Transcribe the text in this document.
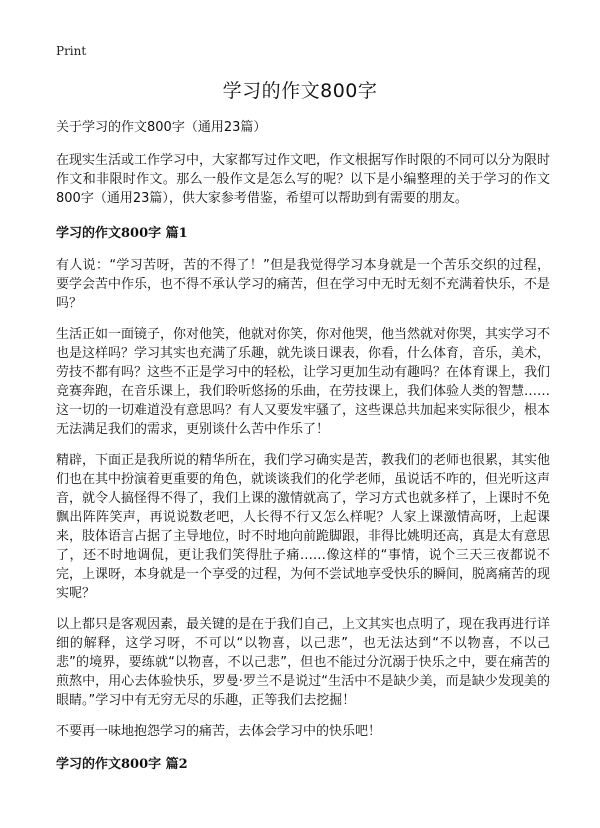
Print
学习的作文800字

关于学习的作文800字（通用23篇）

在现实生活或工作学习中，大家都写过作文吧，作文根据写作时限的不同可以分为限时作文和非限时作文。那么一般作文是怎么写的呢？以下是小编整理的关于学习的作文800字（通用23篇），供大家参考借鉴，希望可以帮助到有需要的朋友。

学习的作文800字 篇1

有人说：“学习苦呀，苦的不得了！”但是我觉得学习本身就是一个苦乐交织的过程，要学会苦中作乐，也不得不承认学习的痛苦，但在学习中无时无刻不充满着快乐，不是吗？

生活正如一面镜子，你对他笑，他就对你笑，你对他哭，他当然就对你哭，其实学习不也是这样吗？学习其实也充满了乐趣，就先谈日课表，你看，什么体育，音乐，美术，劳技不都有吗？这些不正是学习中的轻松，让学习更加生动有趣吗？在体育课上，我们竞赛奔跑，在音乐课上，我们聆听悠扬的乐曲，在劳技课上，我们体验人类的智慧……这一切的一切难道没有意思吗？有人又要发牢骚了，这些课总共加起来实际很少，根本无法满足我们的需求，更别谈什么苦中作乐了！

精辟，下面正是我所说的精华所在，我们学习确实是苦，教我们的老师也很累，其实他们也在其中扮演着更重要的角色，就谈谈我们的化学老师，虽说话不咋的，但光听这声音，就令人搞怪得不得了，我们上课的激情就高了，学习方式也就多样了，上课时不免飘出阵阵笑声，再说说数老吧，人长得不行又怎么样呢？人家上课激情高呀，上起课来，肢体语言占据了主导地位，时不时地向前跪脚跟，非得比姚明还高，真是太有意思了，还不时地调侃，更让我们笑得肚子痛……像这样的“事情，说个三天三夜都说不完，上课呀，本身就是一个享受的过程，为何不尝试地享受快乐的瞬间，脱离痛苦的现实呢？

以上都只是客观因素，最关键的是在于我们自己，上文其实也点明了，现在我再进行详细的解释，这学习呀，不可以“以物喜，以己悲”，也无法达到“不以物喜，不以己悲”的境界，要练就“以物喜，不以己悲”，但也不能过分沉溺于快乐之中，要在痛苦的煎熬中，用心去体验快乐，罗曼·罗兰不是说过“生活中不是缺少美，而是缺少发现美的眼睛。”学习中有无穷无尽的乐趣，正等我们去挖掘！

不要再一味地抱怨学习的痛苦，去体会学习中的快乐吧！

学习的作文800字 篇2
